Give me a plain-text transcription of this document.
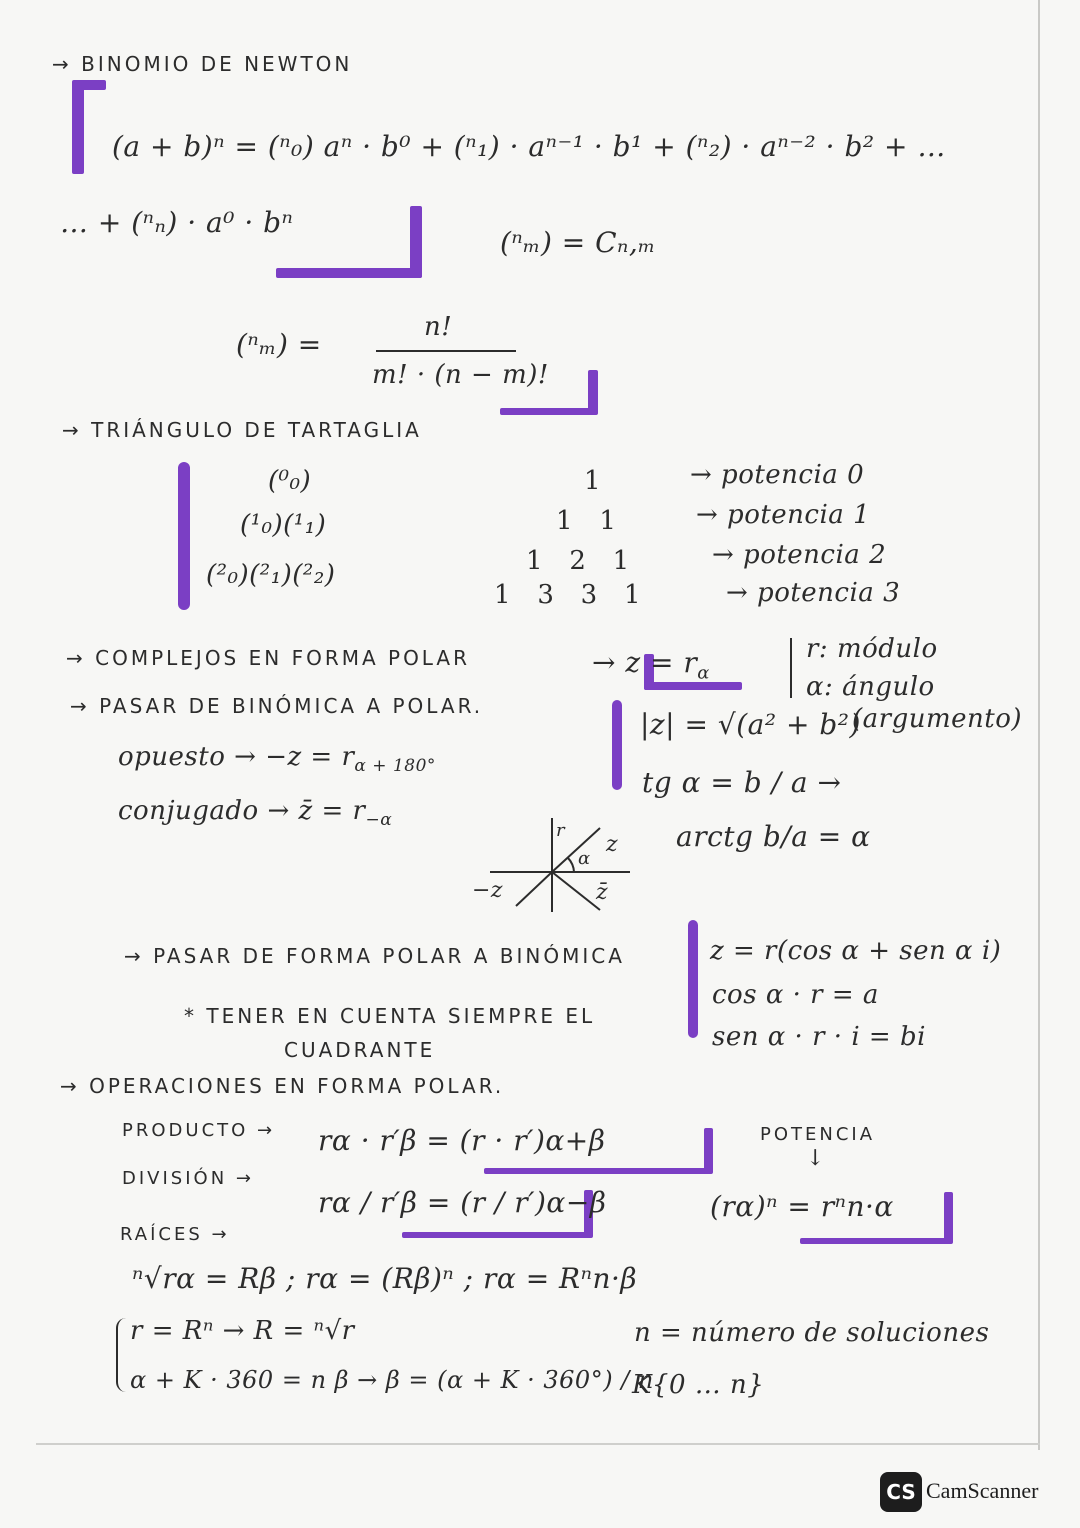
→ BINOMIO DE NEWTON
(a + b)ⁿ = (ⁿ₀) aⁿ · b⁰ + (ⁿ₁) · aⁿ⁻¹ · b¹ + (ⁿ₂) · aⁿ⁻² · b² + …
… + (ⁿₙ) · a⁰ · bⁿ
(ⁿₘ) = Cₙ,ₘ
(ⁿₘ) =
n!
m! · (n − m)!
→ TRIÁNGULO DE TARTAGLIA
(⁰₀)
(¹₀)(¹₁)
(²₀)(²₁)(²₂)
1
1   1
1   2   1
1   3   3   1
→ potencia 0
→ potencia 1
→ potencia 2
→ potencia 3
→ COMPLEJOS EN FORMA POLAR	→ $z = r_\alpha$
r: módulo
α: ángulo
(argumento)
→ PASAR DE BINÓMICA A POLAR.
|z| = √(a² + b²)
tg α = b / a →
arctg b/a = α
opuesto → $-z = r_{\alpha + 180^\circ}$
conjugado → z̄ = $r_{-\alpha}$
z
−z	z̄
r
α
→ PASAR DE FORMA POLAR A BINÓMICA
* TENER EN CUENTA SIEMPRE EL
CUADRANTE
z = r(cos α + sen α i)
cos α · r = a
sen α · r · i = bi
→ OPERACIONES EN FORMA POLAR.
PRODUCTO → rα · r′β = (r · r′)α+β
DIVISIÓN →
rα / r′β = (r / r′)α−β
POTENCIA
↓
(rα)ⁿ = rⁿn·α
RAÍCES →
ⁿ√rα = Rβ ; rα = (Rβ)ⁿ ; rα = Rⁿn·β
r = Rⁿ → R = ⁿ√r
α + K · 360 = n β → β = (α + K · 360°) / n
n = número de soluciones
K{0 … n}
CS CamScanner
